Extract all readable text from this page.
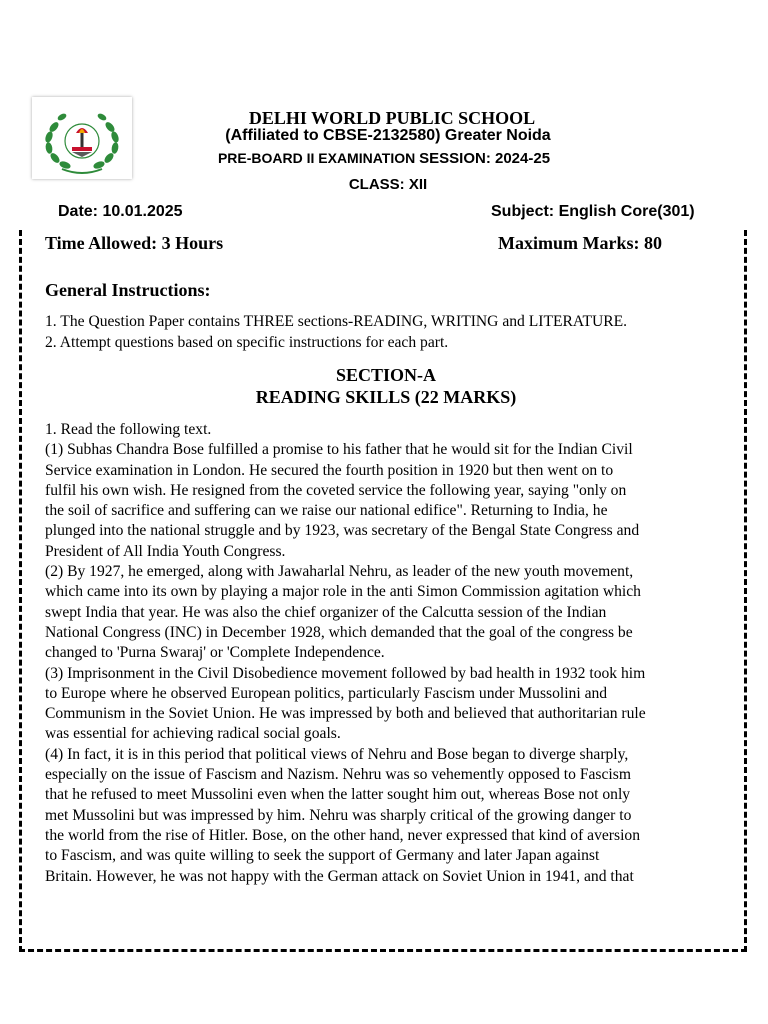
DELHI WORLD PUBLIC SCHOOL
(Affiliated to CBSE-2132580) Greater Noida
PRE-BOARD II EXAMINATION SESSION: 2024-25
CLASS: XII
Date: 10.01.2025	Subject: English Core(301)
Time Allowed: 3 Hours	Maximum Marks: 80
General Instructions:
1. The Question Paper contains THREE sections-READING, WRITING and LITERATURE.
2. Attempt questions based on specific instructions for each part.
SECTION-A
READING SKILLS (22 MARKS)
1. Read the following text.
(1) Subhas Chandra Bose fulfilled a promise to his father that he would sit for the Indian Civil
Service examination in London. He secured the fourth position in 1920 but then went on to
fulfil his own wish. He resigned from the coveted service the following year, saying "only on
the soil of sacrifice and suffering can we raise our national edifice". Returning to India, he
plunged into the national struggle and by 1923, was secretary of the Bengal State Congress and
President of All India Youth Congress.
(2) By 1927, he emerged, along with Jawaharlal Nehru, as leader of the new youth movement,
which came into its own by playing a major role in the anti Simon Commission agitation which
swept India that year. He was also the chief organizer of the Calcutta session of the Indian
National Congress (INC) in December 1928, which demanded that the goal of the congress be
changed to 'Purna Swaraj' or 'Complete Independence.
(3) Imprisonment in the Civil Disobedience movement followed by bad health in 1932 took him
to Europe where he observed European politics, particularly Fascism under Mussolini and
Communism in the Soviet Union. He was impressed by both and believed that authoritarian rule
was essential for achieving radical social goals.
(4) In fact, it is in this period that political views of Nehru and Bose began to diverge sharply,
especially on the issue of Fascism and Nazism. Nehru was so vehemently opposed to Fascism
that he refused to meet Mussolini even when the latter sought him out, whereas Bose not only
met Mussolini but was impressed by him. Nehru was sharply critical of the growing danger to
the world from the rise of Hitler. Bose, on the other hand, never expressed that kind of aversion
to Fascism, and was quite willing to seek the support of Germany and later Japan against
Britain. However, he was not happy with the German attack on Soviet Union in 1941, and that
